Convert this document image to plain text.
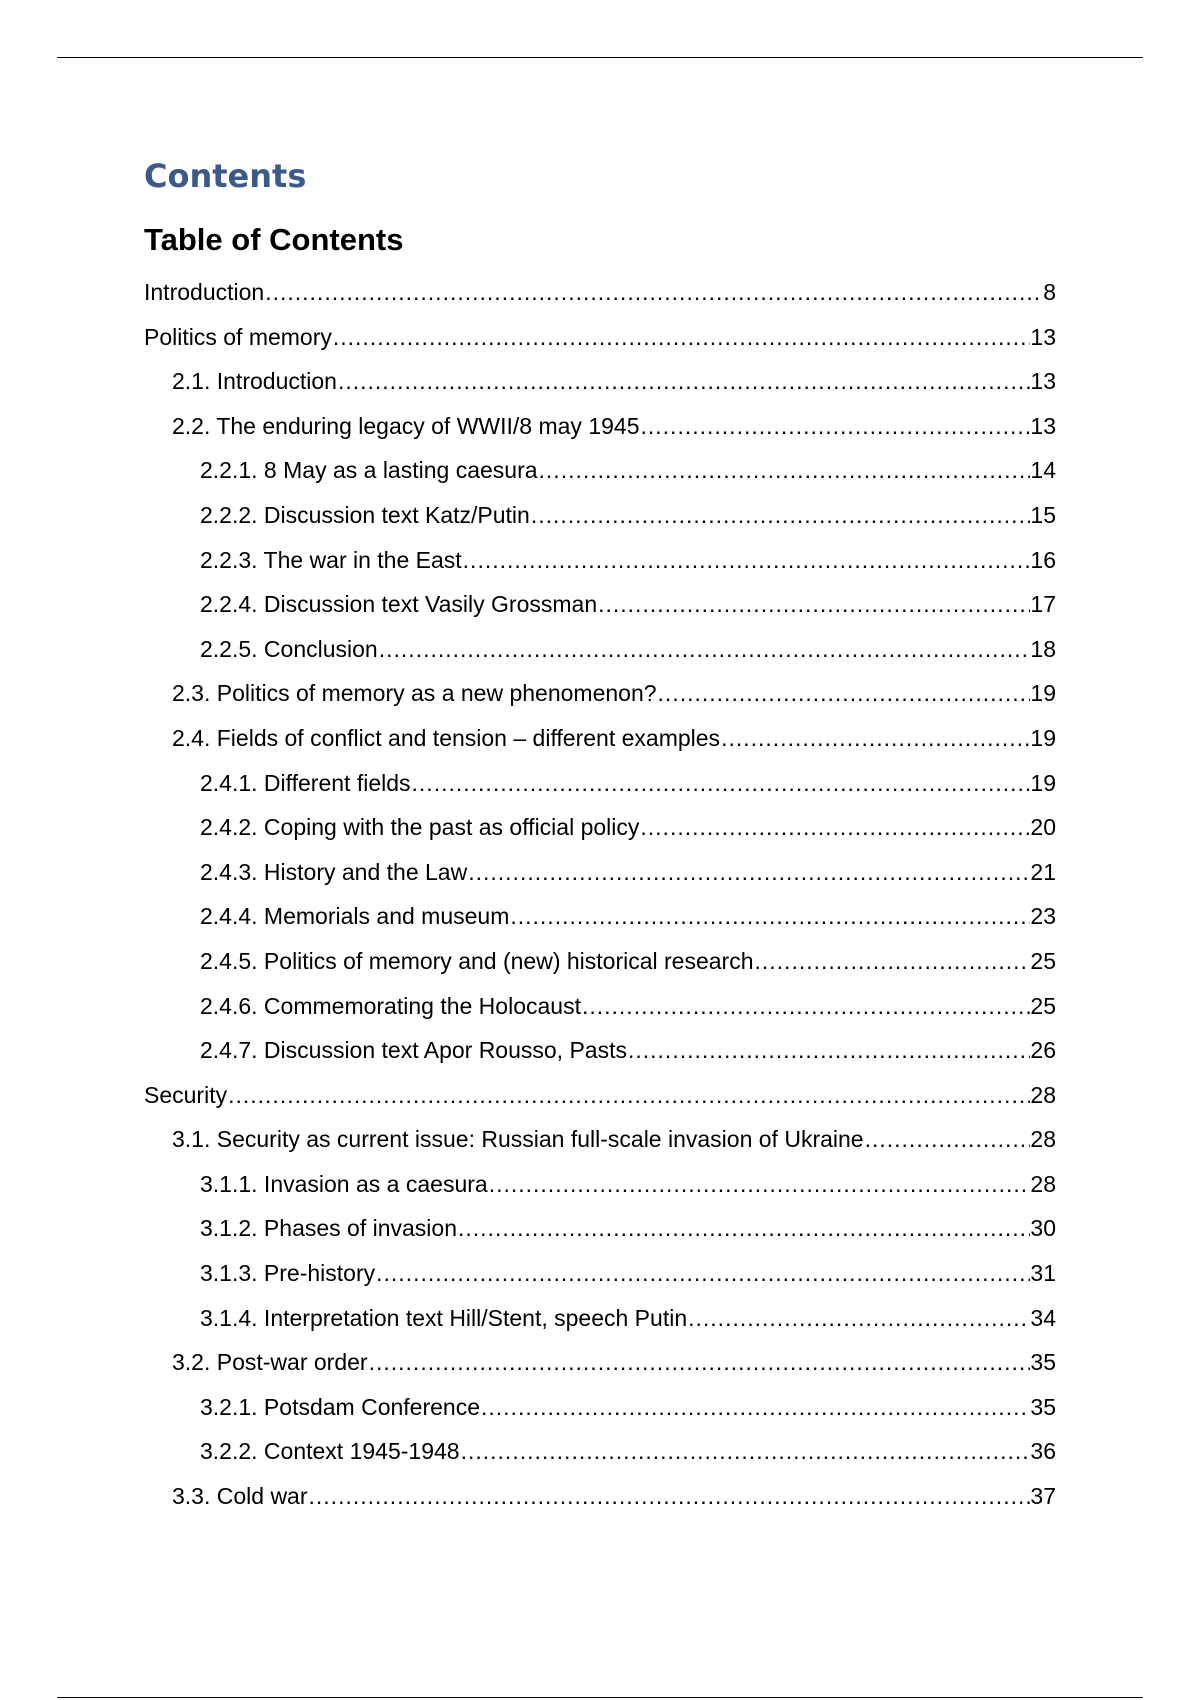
Contents
Table of Contents
Introduction .....	8
Politics of memory .....	13
2.1. Introduction .....	13
2.2. The enduring legacy of WWII/8 may 1945 .....	13
2.2.1. 8 May as a lasting caesura .....	14
2.2.2. Discussion text Katz/Putin .....	15
2.2.3. The war in the East .....	16
2.2.4. Discussion text Vasily Grossman .....	17
2.2.5. Conclusion .....	18
2.3. Politics of memory as a new phenomenon? .....	19
2.4. Fields of conflict and tension – different examples .....	19
2.4.1. Different fields .....	19
2.4.2. Coping with the past as official policy .....	20
2.4.3. History and the Law .....	21
2.4.4. Memorials and museum .....	23
2.4.5. Politics of memory and (new) historical research .....	25
2.4.6. Commemorating the Holocaust .....	25
2.4.7. Discussion text Apor Rousso, Pasts .....	26
Security .....	28
3.1. Security as current issue: Russian full-scale invasion of Ukraine .....	28
3.1.1. Invasion as a caesura .....	28
3.1.2. Phases of invasion .....	30
3.1.3. Pre-history .....	31
3.1.4. Interpretation text Hill/Stent, speech Putin .....	34
3.2. Post-war order .....	35
3.2.1. Potsdam Conference .....	35
3.2.2. Context 1945-1948 .....	36
3.3. Cold war .....	37
